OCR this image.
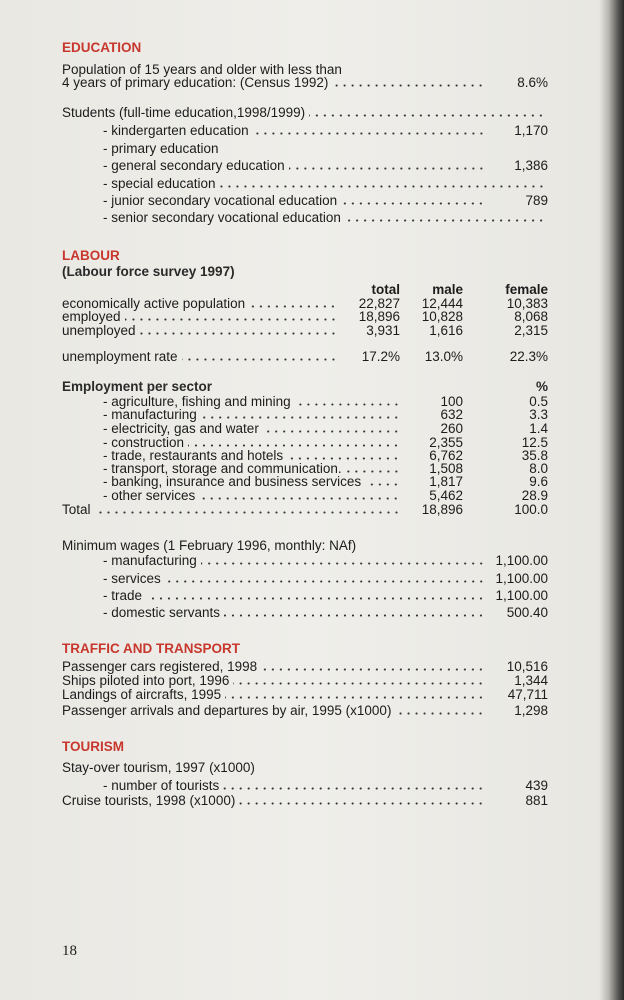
EDUCATION
Population of 15 years and older with less than
4 years of primary education: (Census 1992)	8.6%
Students (full-time education,1998/1999)
- kindergarten education	1,170
- primary education
- general secondary education	1,386
- special education
- junior secondary vocational education	789
- senior secondary vocational education
LABOUR
(Labour force survey 1997)
total	male	female
economically active population	22,827	12,444	10,383
employed	18,896	10,828	8,068
unemployed	3,931	1,616	2,315
unemployment rate	17.2%	13.0%	22.3%
Employment per sector	%
- agriculture, fishing and mining	100	0.5
- manufacturing	632	3.3
- electricity, gas and water	260	1.4
- construction	2,355	12.5
- trade, restaurants and hotels	6,762	35.8
- transport, storage and communication.	1,508	8.0
- banking, insurance and business services	1,817	9.6
- other services	5,462	28.9
Total	18,896	100.0
Minimum wages (1 February 1996, monthly: NAf)
- manufacturing	1,100.00
- services	1,100.00
- trade	1,100.00
- domestic servants	500.40
TRAFFIC AND TRANSPORT
Passenger cars registered, 1998	10,516
Ships piloted into port, 1996	1,344
Landings of aircrafts, 1995	47,711
Passenger arrivals and departures by air, 1995 (x1000)	1,298
TOURISM
Stay-over tourism, 1997 (x1000)
- number of tourists	439
Cruise tourists, 1998 (x1000)	881
18
